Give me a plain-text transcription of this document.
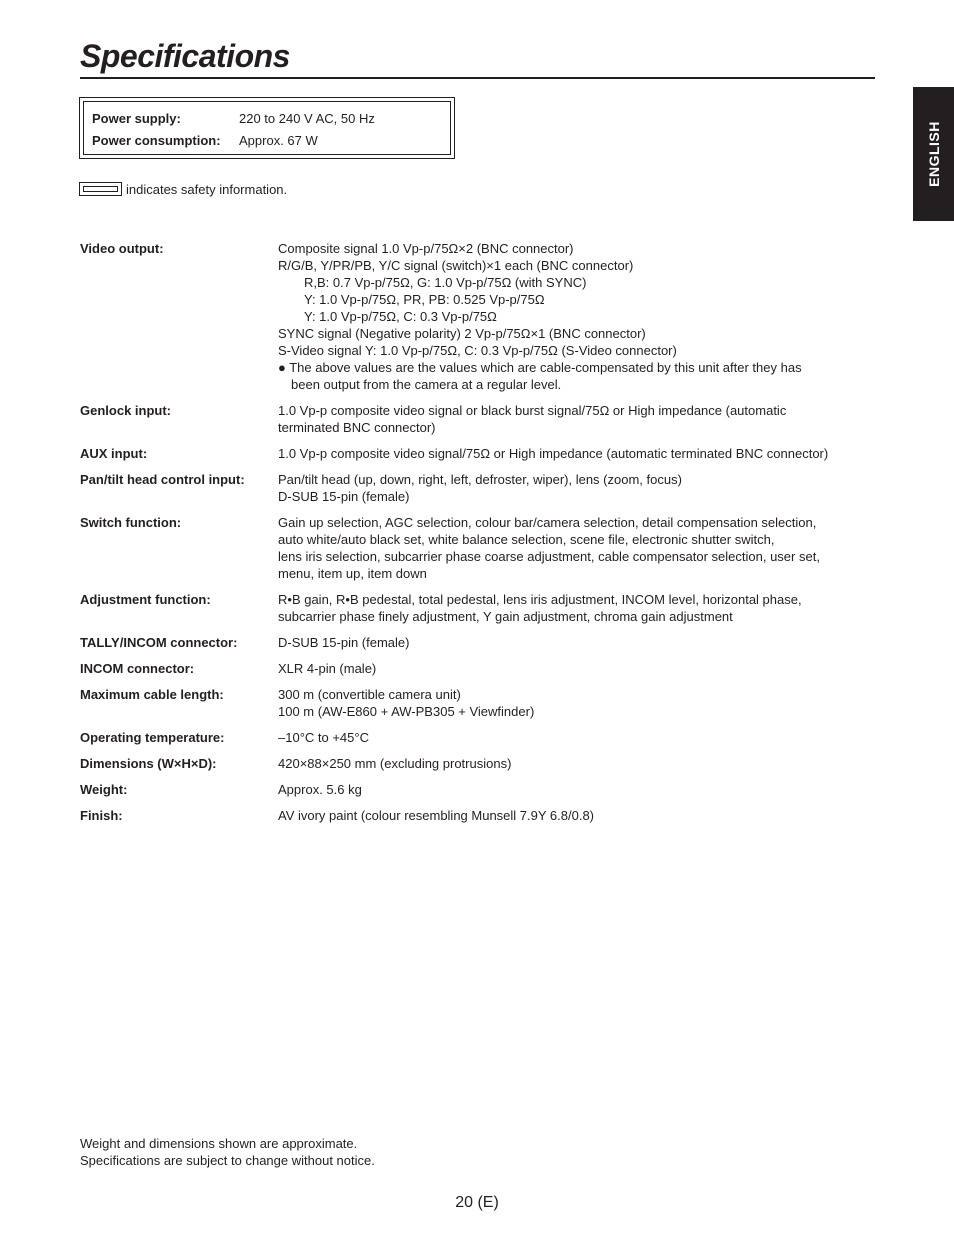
Specifications
ENGLISH
Power supply:	220 to 240 V AC, 50 Hz
Power consumption: Approx. 67 W
indicates safety information.
Video output:	Composite signal 1.0 Vp-p/75Ω×2 (BNC connector)
R/G/B, Y/PR/PB, Y/C signal (switch)×1 each (BNC connector)
R,B: 0.7 Vp-p/75Ω, G: 1.0 Vp-p/75Ω (with SYNC)
Y: 1.0 Vp-p/75Ω, PR, PB: 0.525 Vp-p/75Ω
Y: 1.0 Vp-p/75Ω, C: 0.3 Vp-p/75Ω
SYNC signal (Negative polarity) 2 Vp-p/75Ω×1 (BNC connector)
S-Video signal Y: 1.0 Vp-p/75Ω, C: 0.3 Vp-p/75Ω (S-Video connector)
● The above values are the values which are cable-compensated by this unit after they has
been output from the camera at a regular level.
Genlock input:	1.0 Vp-p composite video signal or black burst signal/75Ω or High impedance (automatic
terminated BNC connector)
AUX input:	1.0 Vp-p composite video signal/75Ω or High impedance (automatic terminated BNC connector)
Pan/tilt head control input:	Pan/tilt head (up, down, right, left, defroster, wiper), lens (zoom, focus)
D-SUB 15-pin (female)
Switch function:	Gain up selection, AGC selection, colour bar/camera selection, detail compensation selection,
auto white/auto black set, white balance selection, scene file, electronic shutter switch,
lens iris selection, subcarrier phase coarse adjustment, cable compensator selection, user set,
menu, item up, item down
Adjustment function:	R•B gain, R•B pedestal, total pedestal, lens iris adjustment, INCOM level, horizontal phase,
subcarrier phase finely adjustment, Y gain adjustment, chroma gain adjustment
TALLY/INCOM connector:	D-SUB 15-pin (female)
INCOM connector:	XLR 4-pin (male)
Maximum cable length:	300 m (convertible camera unit)
100 m (AW-E860 + AW-PB305 + Viewfinder)
Operating temperature:	–10°C to +45°C
Dimensions (W×H×D):	420×88×250 mm (excluding protrusions)
Weight:	Approx. 5.6 kg
Finish:	AV ivory paint (colour resembling Munsell 7.9Y 6.8/0.8)
Weight and dimensions shown are approximate.
Specifications are subject to change without notice.
20 (E)
